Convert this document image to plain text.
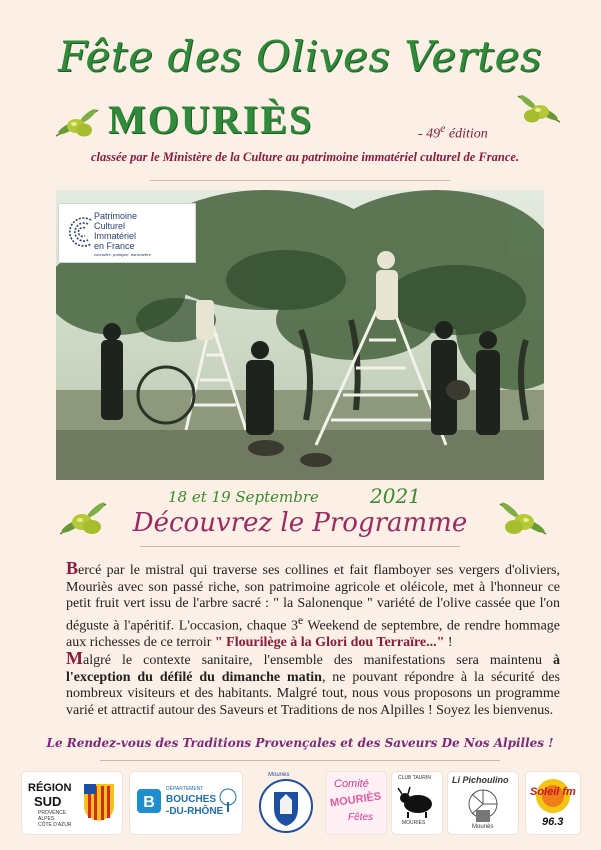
Fête des Olives Vertes
MOURIÈS	- 49e édition
classée par le Ministère de la Culture au patrimoine immatériel culturel de France.
Patrimoine
Culturel
Immatériel
en France
connaître, pratiquer, transmettre
18 et 19 Septembre	2021
Découvrez le Programme
Bercé par le mistral qui traverse ses collines et fait flamboyer ses vergers d'oliviers, Mouriès avec son passé riche, son patrimoine agricole et oléicole, met à l'honneur ce petit fruit vert issu de l'arbre sacré : " la Salonenque " variété de l'olive cassée que l'on déguste à l'apéritif. L'occasion, chaque 3e Weekend de septembre, de rendre hommage aux richesses de ce terroir " Flourilège à la Glori dou Terraïre..." !
Malgré le contexte sanitaire, l'ensemble des manifestations sera maintenu à l'exception du défilé du dimanche matin, ne pouvant répondre à la sécurité des nombreux visiteurs et des habitants. Malgré tout, nous vous proposons un programme varié et attractif autour des Saveurs et Traditions de nos Alpilles ! Soyez les bienvenus.
Le Rendez-vous des Traditions Provençales et des Saveurs De Nos Alpilles !
RÉGION
SUD
PROVENCE
ALPES
CÔTE D'AZUR
B
DÉPARTEMENT
BOUCHES
-DU-RHÔNE
Mouriès
Comité
MOURIÈS
Fêtes
CLUB TAURIN
MOURIÈS
Li Pichoulino
Mouriès
Soleil fm
96.3
